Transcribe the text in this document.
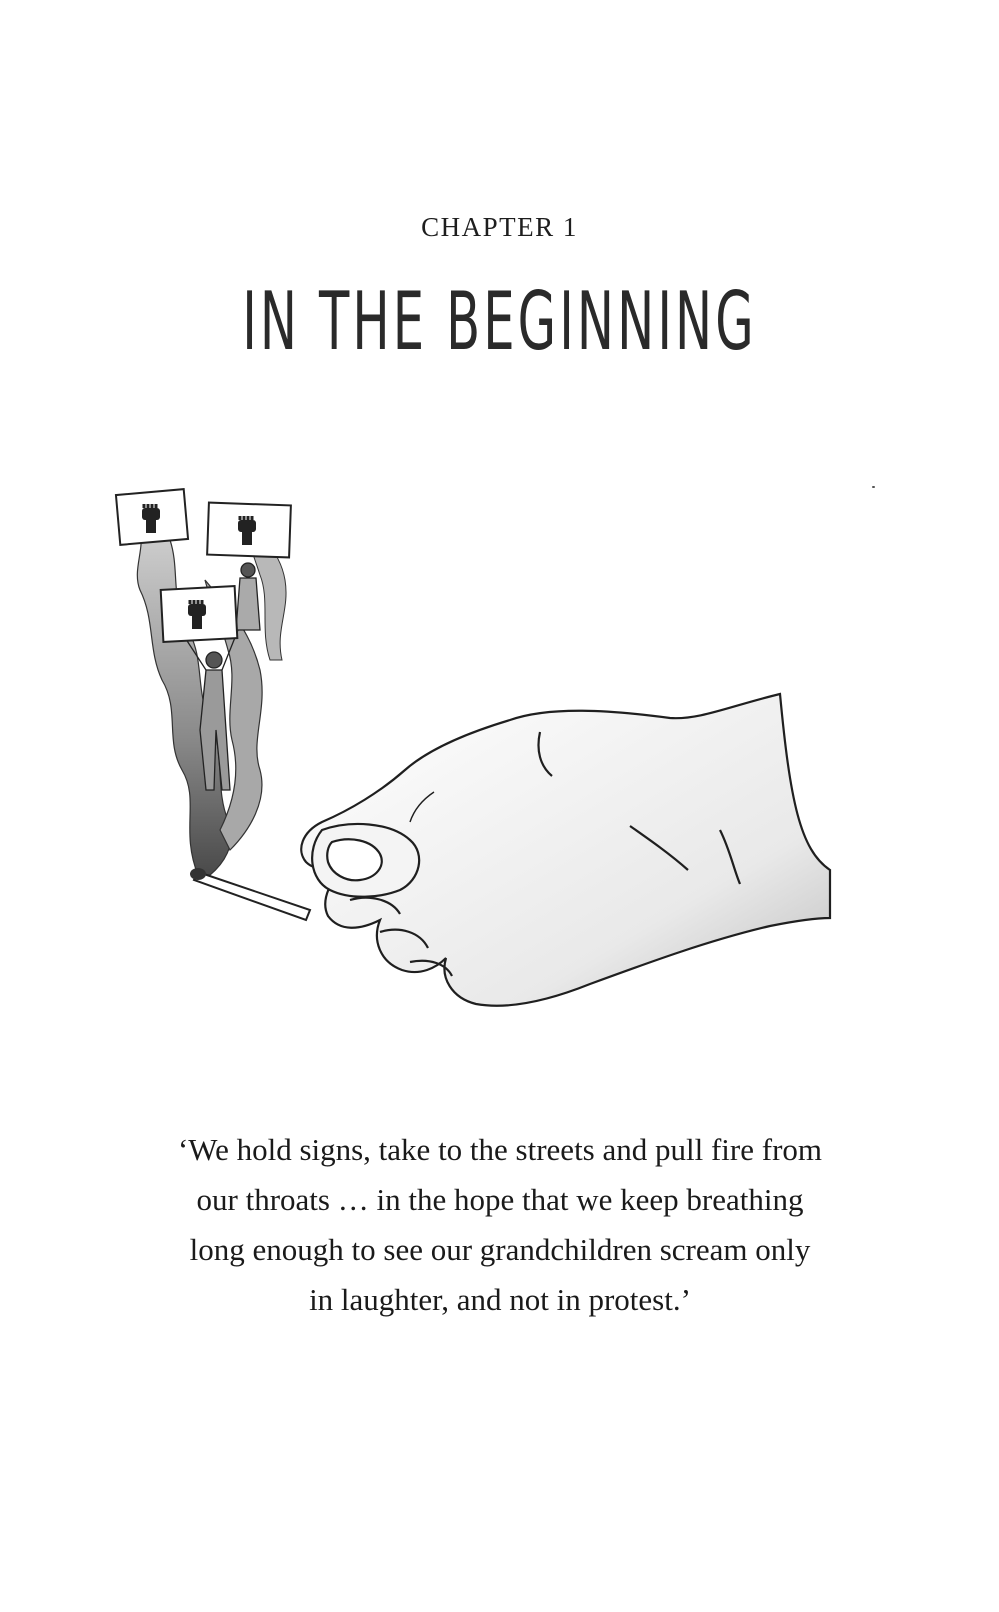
CHAPTER 1
IN THE BEGINNING
‘We hold signs, take to the streets and pull fire from
our throats … in the hope that we keep breathing
long enough to see our grandchildren scream only
in laughter, and not in protest.’
